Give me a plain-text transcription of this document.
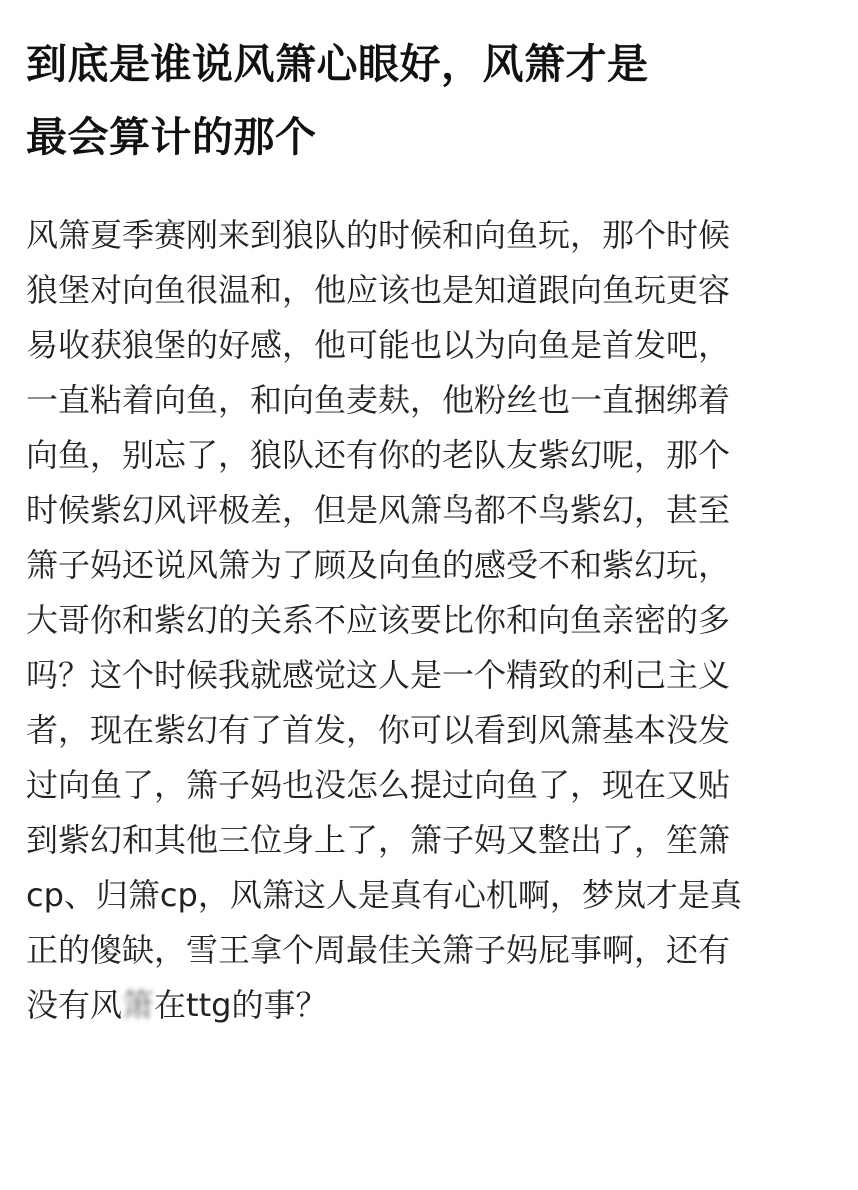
到底是谁说风箫心眼好，风箫才是
最会算计的那个
风箫夏季赛刚来到狼队的时候和向鱼玩，那个时候
狼堡对向鱼很温和，他应该也是知道跟向鱼玩更容
易收获狼堡的好感，他可能也以为向鱼是首发吧，
一直粘着向鱼，和向鱼麦麸，他粉丝也一直捆绑着
向鱼，别忘了，狼队还有你的老队友紫幻呢，那个
时候紫幻风评极差，但是风箫鸟都不鸟紫幻，甚至
箫子妈还说风箫为了顾及向鱼的感受不和紫幻玩，
大哥你和紫幻的关系不应该要比你和向鱼亲密的多
吗？这个时候我就感觉这人是一个精致的利己主义
者，现在紫幻有了首发，你可以看到风箫基本没发
过向鱼了，箫子妈也没怎么提过向鱼了，现在又贴
到紫幻和其他三位身上了，箫子妈又整出了，笙箫
cp、归箫cp，风箫这人是真有心机啊，梦岚才是真
正的傻缺，雪王拿个周最佳关箫子妈屁事啊，还有
没有风箫在ttg的事？
